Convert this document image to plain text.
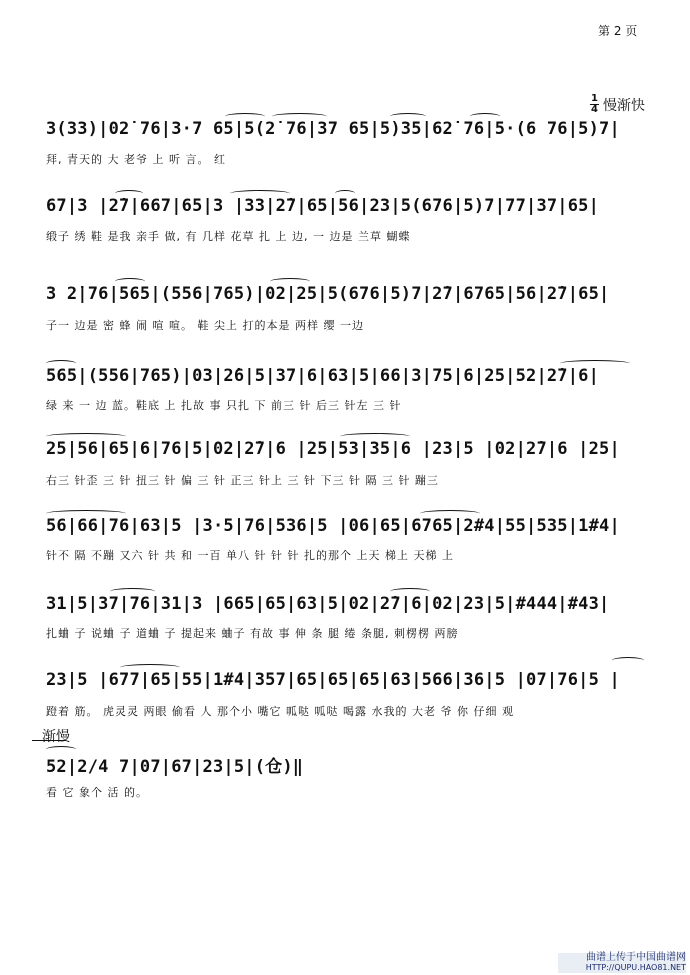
第 2 页
$\frac{1}{4}$ 慢渐快
3(33)|02̇ 76|3·7 65|5(2̇ 76|37 65|5)35|62̇ 76|5·(6 76|5)7|
拜, 青天的 大 老爷 上 听 言。 红
67|3 |2̇7|667|65|3 |33|2̇7|65|56|23|5(676|5)7|77|37|65|
缎子 绣 鞋 是我 亲手 做, 有 几样 花草 扎 上 边, 一 边是 兰草 蝴蝶
3 2̇|76|565|(556|765)|02|25|5(676|5)7|2̇7|6765|56|2̇7|65|
子一 边是 密 蜂 闹 喧 喧。 鞋 尖上 打的本是 两样 缨 一边
565|(556|765)|03|2̇6|5|37|6|63|5|66|3|75|6|25|52|2̇7|6|
绿 来 一 边 蓝。鞋底 上 扎故 事 只扎 下 前三 针 后三 针左 三 针
25|56|65|6|76|5|02|2̇7|6 |25|53|35|6 |23|5 |02|2̇7|6 |25|
右三 针歪 三 针 扭三 针 偏 三 针 正三 针上 三 针 下三 针 隔 三 针 蹦三
56|66|76|63|5 |3·5|76|536|5 |06|65|6765|2#4|55|535|1#4|
针不 隔 不蹦 又六 针 共 和 一百 单八 针 针 针 扎的那个 上天 梯上 天梯 上
31|5|37|76|31|3 |665|65|63|5|02|2̇7|6|02|23|5|#444|#43|
扎蛐 子 说蛐 子 道蛐 子 提起来 蛐子 有故 事 伸 条 腿 绻 条腿, 刺楞楞 两膀
23|5 |677|65|55|1#4|357|65|65|65|63|566|36|5 |07|76|5 |
蹬着 筋。 虎灵灵 两眼 偷看 人 那个小 嘴它 呱哒 呱哒 喝露 水我的 大老 爷 你 仔细 观
渐慢
52|2/4 7|07|67|23|5|(仓)‖
看 它 象个 活 的。
曲谱上传于中国曲谱网
HTTP://QUPU.HAO81.NET
